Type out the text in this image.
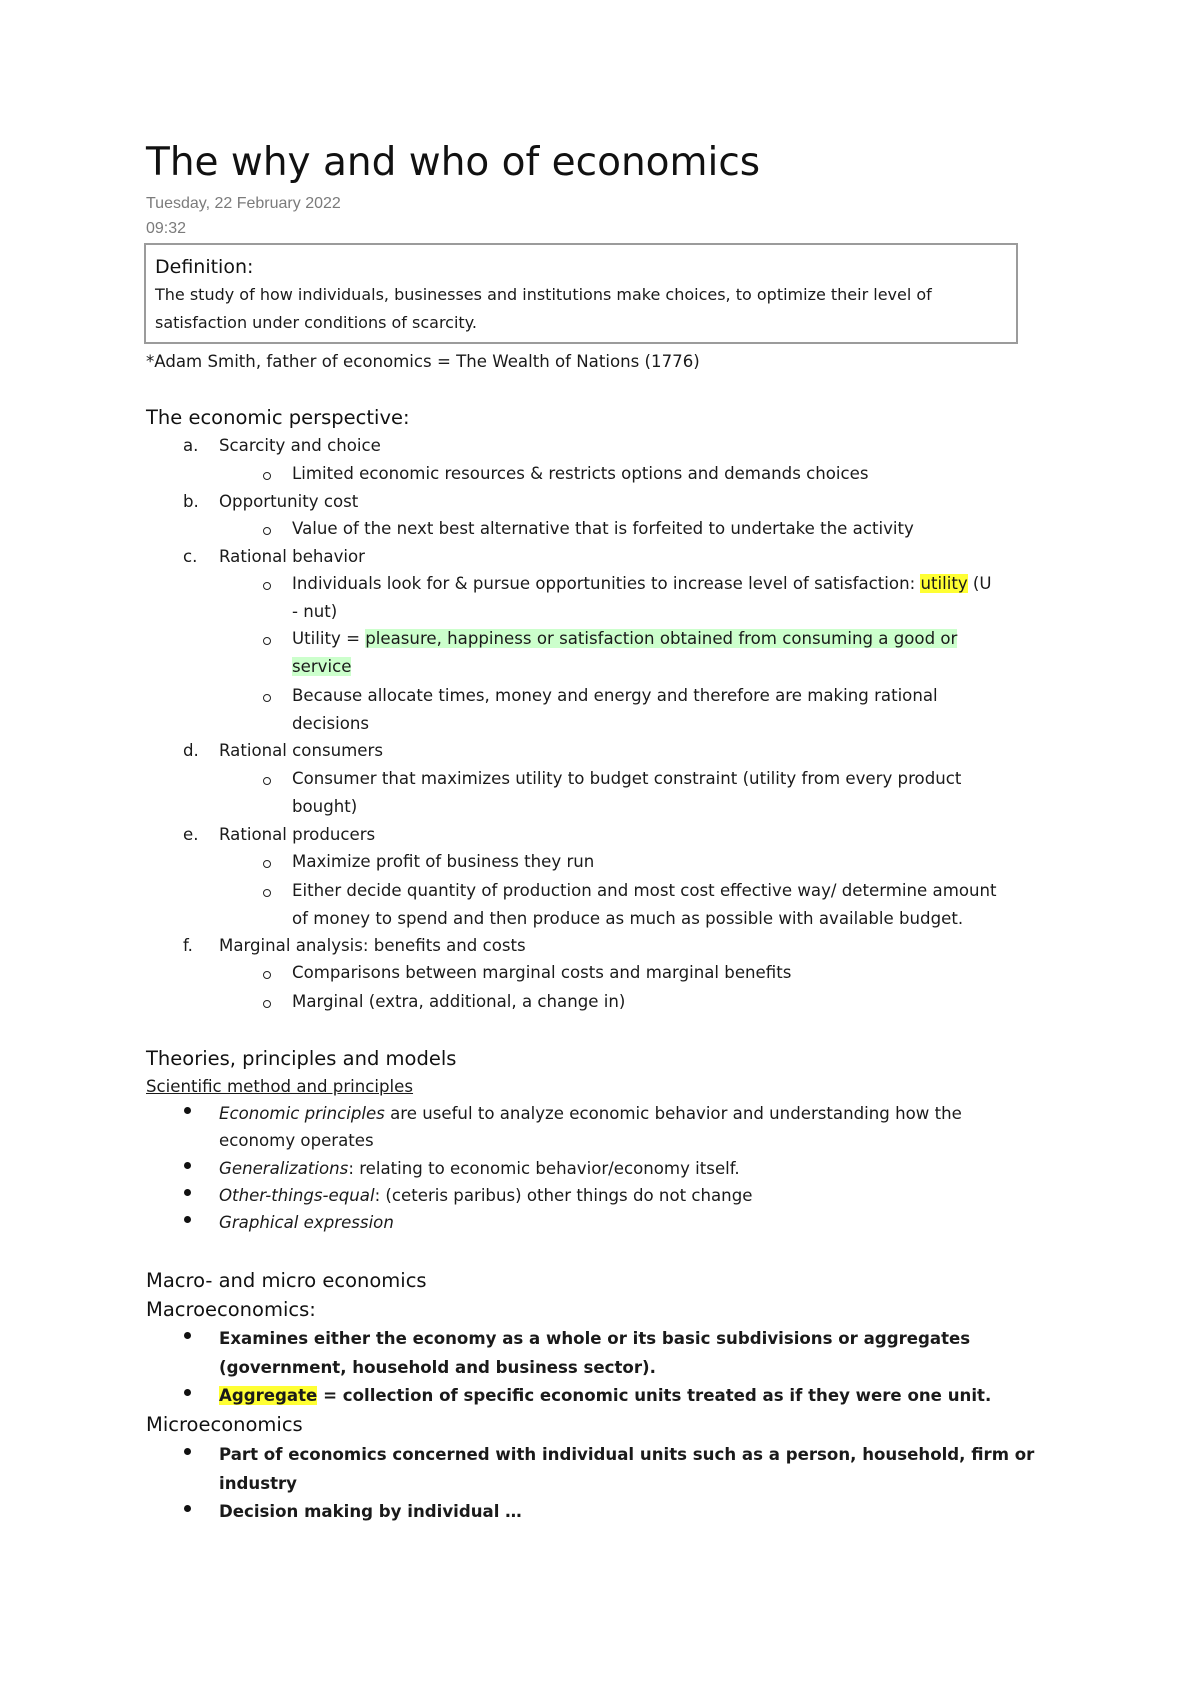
The why and who of economics
Tuesday, 22 February 2022
09:32
Definition:
The study of how individuals, businesses and institutions make choices, to optimize their level of
satisfaction under conditions of scarcity.
*Adam Smith, father of economics = The Wealth of Nations (1776)
The economic perspective:
a. Scarcity and choice
Limited economic resources & restricts options and demands choices
b. Opportunity cost
Value of the next best alternative that is forfeited to undertake the activity
c. Rational behavior
Individuals look for & pursue opportunities to increase level of satisfaction: utility (U
- nut)
Utility = pleasure, happiness or satisfaction obtained from consuming a good or
service
Because allocate times, money and energy and therefore are making rational
decisions
d. Rational consumers
Consumer that maximizes utility to budget constraint (utility from every product
bought)
e. Rational producers
Maximize profit of business they run
Either decide quantity of production and most cost effective way/ determine amount
of money to spend and then produce as much as possible with available budget.
f. Marginal analysis: benefits and costs
Comparisons between marginal costs and marginal benefits
Marginal (extra, additional, a change in)
Theories, principles and models
Scientific method and principles
Economic principles are useful to analyze economic behavior and understanding how the
economy operates
Generalizations: relating to economic behavior/economy itself.
Other-things-equal: (ceteris paribus) other things do not change
Graphical expression
Macro- and micro economics
Macroeconomics:
Examines either the economy as a whole or its basic subdivisions or aggregates
(government, household and business sector).
Aggregate = collection of specific economic units treated as if they were one unit.
Microeconomics
Part of economics concerned with individual units such as a person, household, firm or
industry
Decision making by individual …
